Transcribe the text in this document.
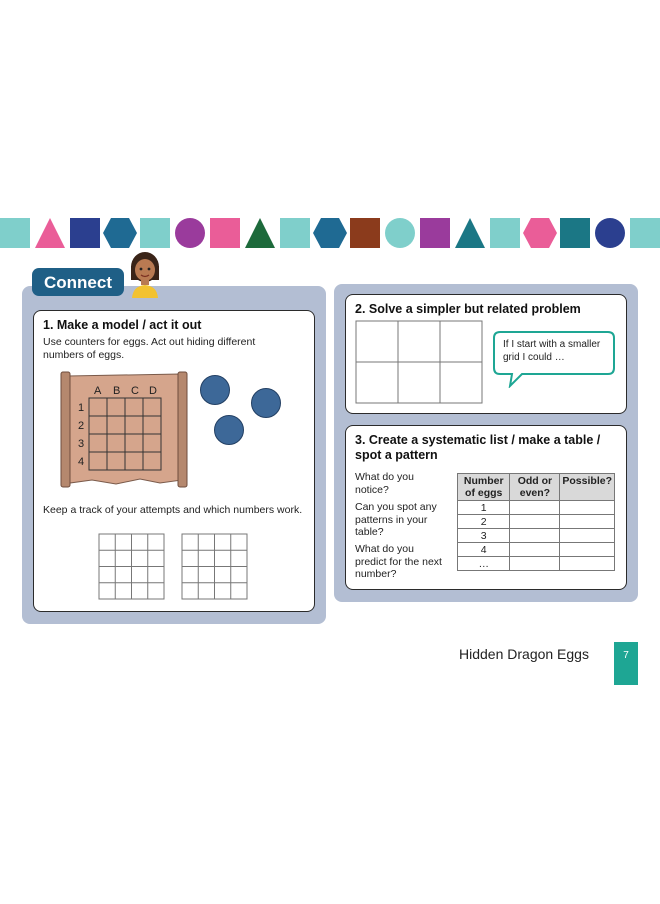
Connect
1. Make a model / act it out
Use counters for eggs. Act out hiding different numbers of eggs.
A B C D
1
2
3
4
Keep a track of your attempts and which numbers work.
2. Solve a simpler but related problem
If I start with a smaller grid I could …
3. Create a systematic list / make a table / spot a pattern
What do you notice?
Can you spot any patterns in your table?
What do you predict for the next number?
Number of eggs	Odd or even?	Possible?
1		
2		
3		
4		
…		
Hidden Dragon Eggs	7
